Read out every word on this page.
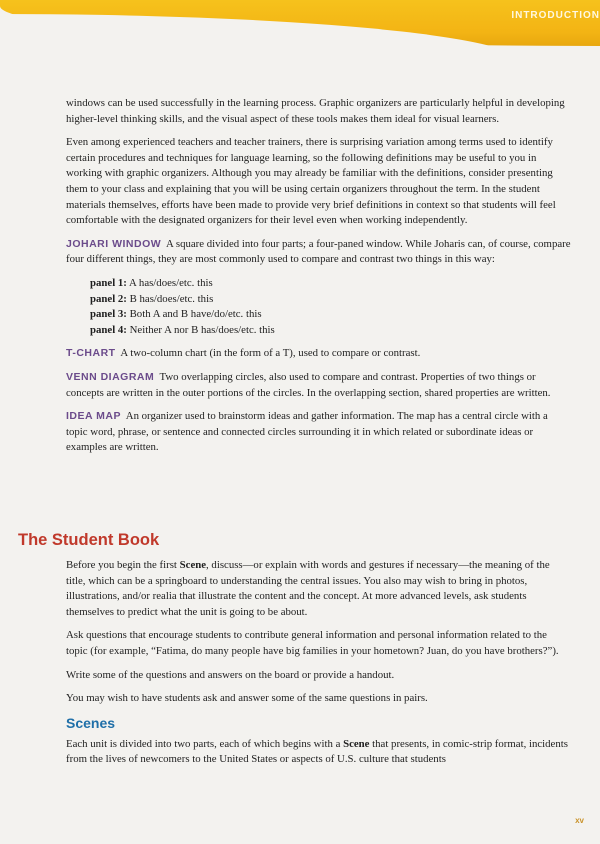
INTRODUCTION

windows can be used successfully in the learning process. Graphic organizers are particularly helpful in developing higher-level thinking skills, and the visual aspect of these tools makes them ideal for visual learners.

Even among experienced teachers and teacher trainers, there is surprising variation among terms used to identify certain procedures and techniques for language learning, so the following definitions may be useful to you in working with graphic organizers. Although you may already be familiar with the definitions, consider presenting them to your class and explaining that you will be using certain organizers throughout the term. In the student materials themselves, efforts have been made to provide very brief definitions in context so that students will feel comfortable with the designated organizers for their level even when working independently.

JOHARI WINDOW A square divided into four parts; a four-paned window. While Joharis can, of course, compare four different things, they are most commonly used to compare and contrast two things in this way:

panel 1: A has/does/etc. this
panel 2: B has/does/etc. this
panel 3: Both A and B have/do/etc. this
panel 4: Neither A nor B has/does/etc. this

T-CHART A two-column chart (in the form of a T), used to compare or contrast.

VENN DIAGRAM Two overlapping circles, also used to compare and contrast. Properties of two things or concepts are written in the outer portions of the circles. In the overlapping section, shared properties are written.

IDEA MAP An organizer used to brainstorm ideas and gather information. The map has a central circle with a topic word, phrase, or sentence and connected circles surrounding it in which related or subordinate ideas or examples are written.

The Student Book

Before you begin the first Scene, discuss—or explain with words and gestures if necessary—the meaning of the title, which can be a springboard to understanding the central issues. You also may wish to bring in photos, illustrations, and/or realia that illustrate the content and the concept. At more advanced levels, ask students themselves to predict what the unit is going to be about.

Ask questions that encourage students to contribute general information and personal information related to the topic (for example, “Fatima, do many people have big families in your hometown? Juan, do you have brothers?”).

Write some of the questions and answers on the board or provide a handout.

You may wish to have students ask and answer some of the same questions in pairs.

Scenes

Each unit is divided into two parts, each of which begins with a Scene that presents, in comic-strip format, incidents from the lives of newcomers to the United States or aspects of U.S. culture that students

xv
